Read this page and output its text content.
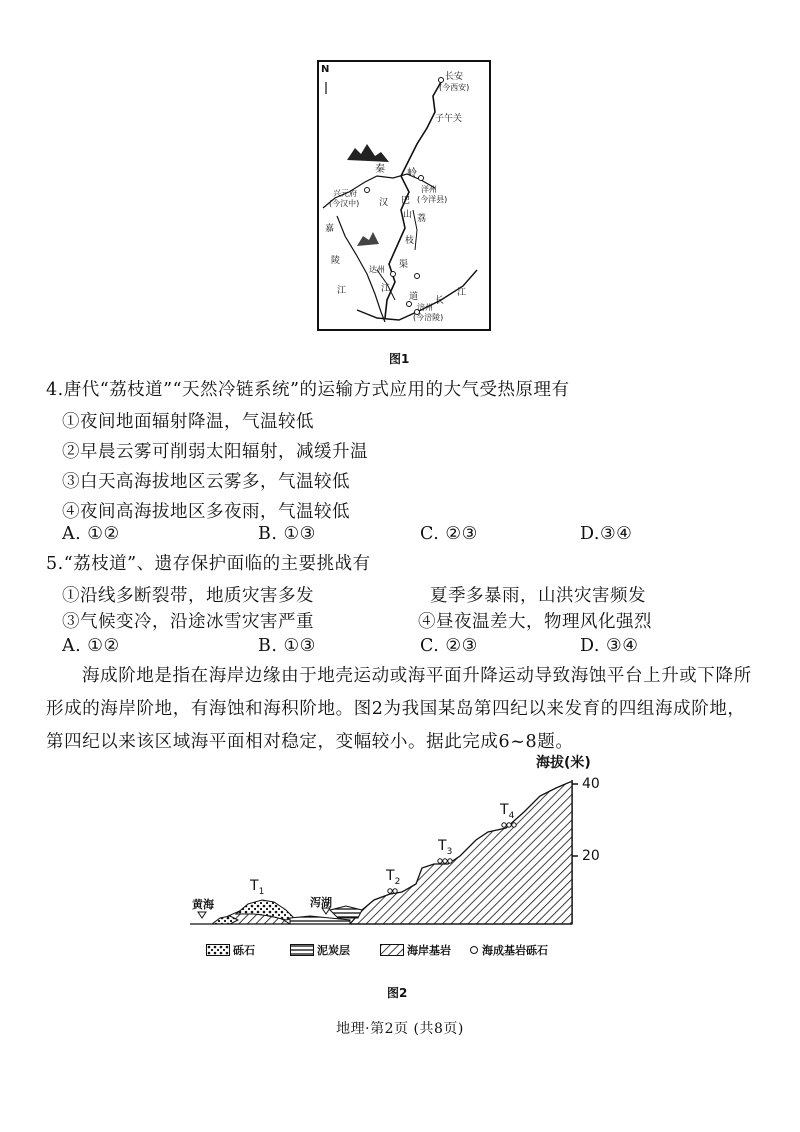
N
长安
(今西安)
子午关
秦 岭
兴元府
(今汉中)
洋州
(今洋县)
汉 巴
山
达州 渠
江
枝
道
涪州
(今涪陵)
长
江
嘉
陵
江
荔
图1
4.唐代“荔枝道”“天然冷链系统”的运输方式应用的大气受热原理有
①夜间地面辐射降温，气温较低
②早晨云雾可削弱太阳辐射，减缓升温
③白天高海拔地区云雾多，气温较低
④夜间高海拔地区多夜雨，气温较低
A. ①②	B. ①③	C. ②③	D.③④
5.“荔枝道”、遗存保护面临的主要挑战有
①沿线多断裂带，地质灾害多发	夏季多暴雨，山洪灾害频发
③气候变冷，沿途冰雪灾害严重	④昼夜温差大，物理风化强烈
A. ①②	B. ①③	C. ②③	D. ③④
海成阶地是指在海岸边缘由于地壳运动或海平面升降运动导致海蚀平台上升或下降所
形成的海岸阶地，有海蚀和海积阶地。图2为我国某岛第四纪以来发育的四组海成阶地，
第四纪以来该区域海平面相对稳定，变幅较小。据此完成6~8题。
海拔(米)
40
20
黄海	泻湖
$T_1$
$T_2$
$T_3$
$T_4$
砾石	泥炭层	海岸基岩	海成基岩砾石
图2
地理·第2页 (共8页)
